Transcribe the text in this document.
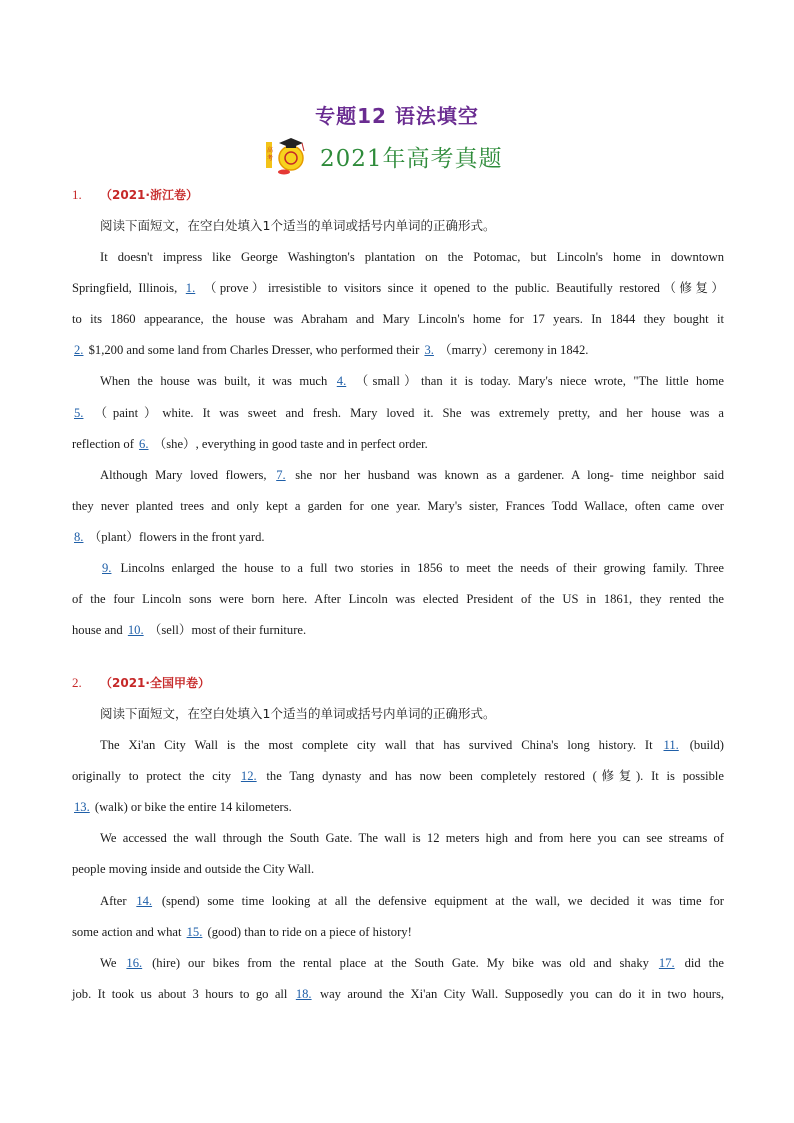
专题12 语法填空
高
考 2021年高考真题
1.	（2021·浙江卷）
阅读下面短文，在空白处填入1个适当的单词或括号内单词的正确形式。
It doesn't impress like George Washington's plantation on the Potomac, but Lincoln's home in downtown
Springfield, Illinois, 1. （prove）irresistible to visitors since it opened to the public. Beautifully restored（修复）
to its 1860 appearance, the house was Abraham and Mary Lincoln's home for 17 years. In 1844 they bought it
2. $1,200 and some land from Charles Dresser, who performed their 3. （marry）ceremony in 1842.
When the house was built, it was much 4. （small）than it is today. Mary's niece wrote, "The little home
5. （paint）white. It was sweet and fresh. Mary loved it. She was extremely pretty, and her house was a
reflection of 6. （she）, everything in good taste and in perfect order.
Although Mary loved flowers, 7. she nor her husband was known as a gardener. A long- time neighbor said
they never planted trees and only kept a garden for one year. Mary's sister, Frances Todd Wallace, often came over
8. （plant）flowers in the front yard.
9. Lincolns enlarged the house to a full two stories in 1856 to meet the needs of their growing family. Three
of the four Lincoln sons were born here. After Lincoln was elected President of the US in 1861, they rented the
house and 10. （sell）most of their furniture.
2.	（2021·全国甲卷）
阅读下面短文，在空白处填入1个适当的单词或括号内单词的正确形式。
The Xi'an City Wall is the most complete city wall that has survived China's long history. It 11. (build)
originally to protect the city 12. the Tang dynasty and has now been completely restored (修复). It is possible
13. (walk) or bike the entire 14 kilometers.
We accessed the wall through the South Gate. The wall is 12 meters high and from here you can see streams of
people moving inside and outside the City Wall.
After 14. (spend) some time looking at all the defensive equipment at the wall, we decided it was time for
some action and what 15. (good) than to ride on a piece of history!
We 16. (hire) our bikes from the rental place at the South Gate. My bike was old and shaky 17. did the
job. It took us about 3 hours to go all 18. way around the Xi'an City Wall. Supposedly you can do it in two hours,
